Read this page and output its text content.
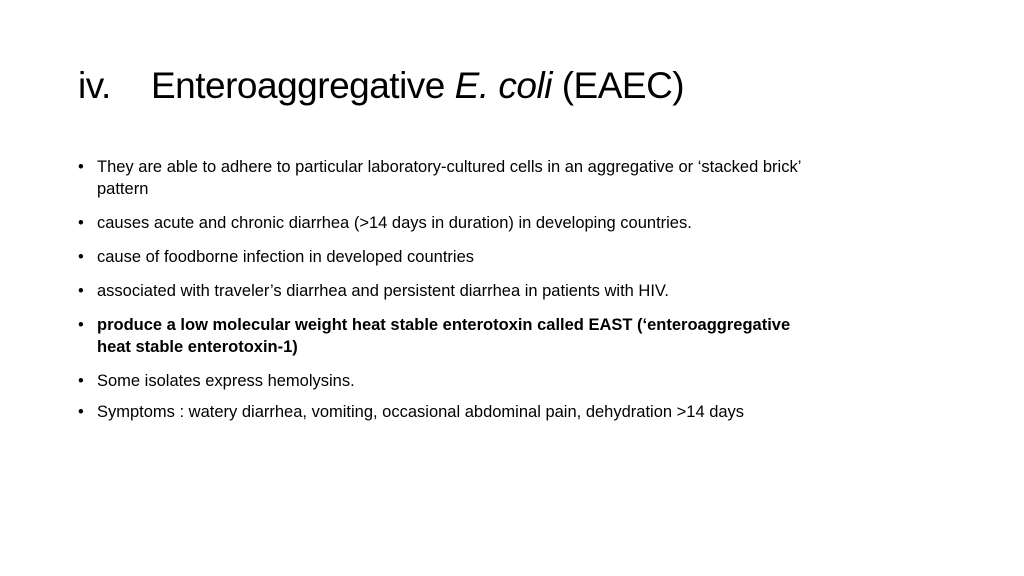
iv. Enteroaggregative E. coli (EAEC)
• They are able to adhere to particular laboratory-cultured cells in an aggregative or ‘stacked brick’ pattern
• causes acute and chronic diarrhea (>14 days in duration) in developing countries.
• cause of foodborne infection in developed countries
• associated with traveler’s diarrhea and persistent diarrhea in patients with HIV.
• produce a low molecular weight heat stable enterotoxin called EAST (‘enteroaggregative heat stable enterotoxin-1)
• Some isolates express hemolysins.
• Symptoms : watery diarrhea, vomiting, occasional abdominal pain, dehydration >14 days
